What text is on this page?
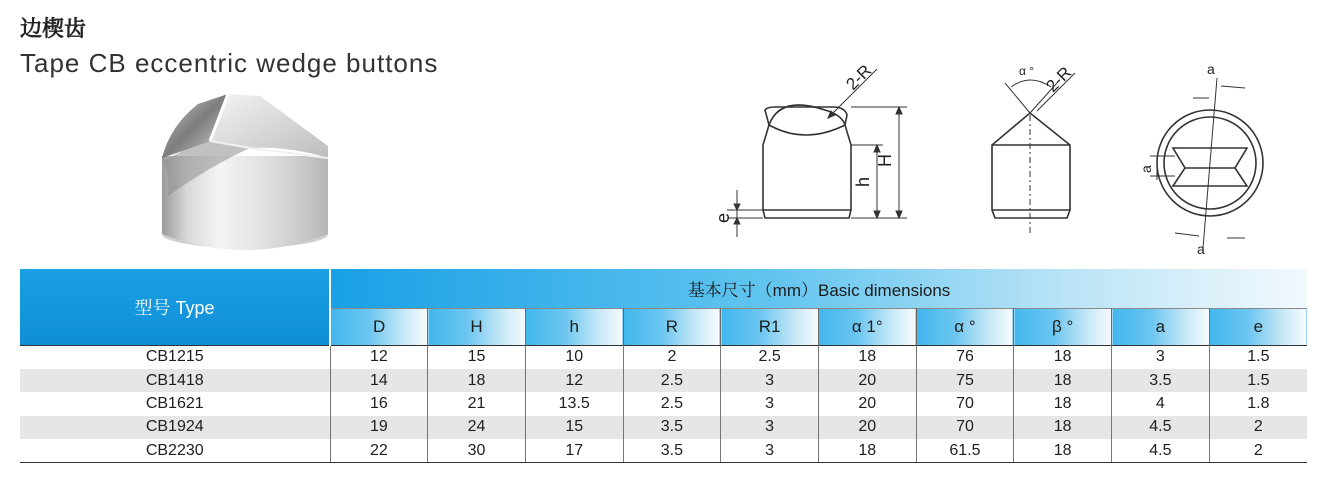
边楔齿
Tape CB eccentric wedge buttons
h
H
e
2-R	α ° 2-R	a
a
a
型号 Type	基本尺寸（mm）Basic dimensions									
	D	H	h	R	R1	α 1°	α °	β °	a	e
CB1215	12	15	10	2	2.5	18	76	18	3	1.5
CB1418	14	18	12	2.5	3	20	75	18	3.5	1.5
CB1621	16	21	13.5	2.5	3	20	70	18	4	1.8
CB1924	19	24	15	3.5	3	20	70	18	4.5	2
CB2230	22	30	17	3.5	3	18	61.5	18	4.5	2
